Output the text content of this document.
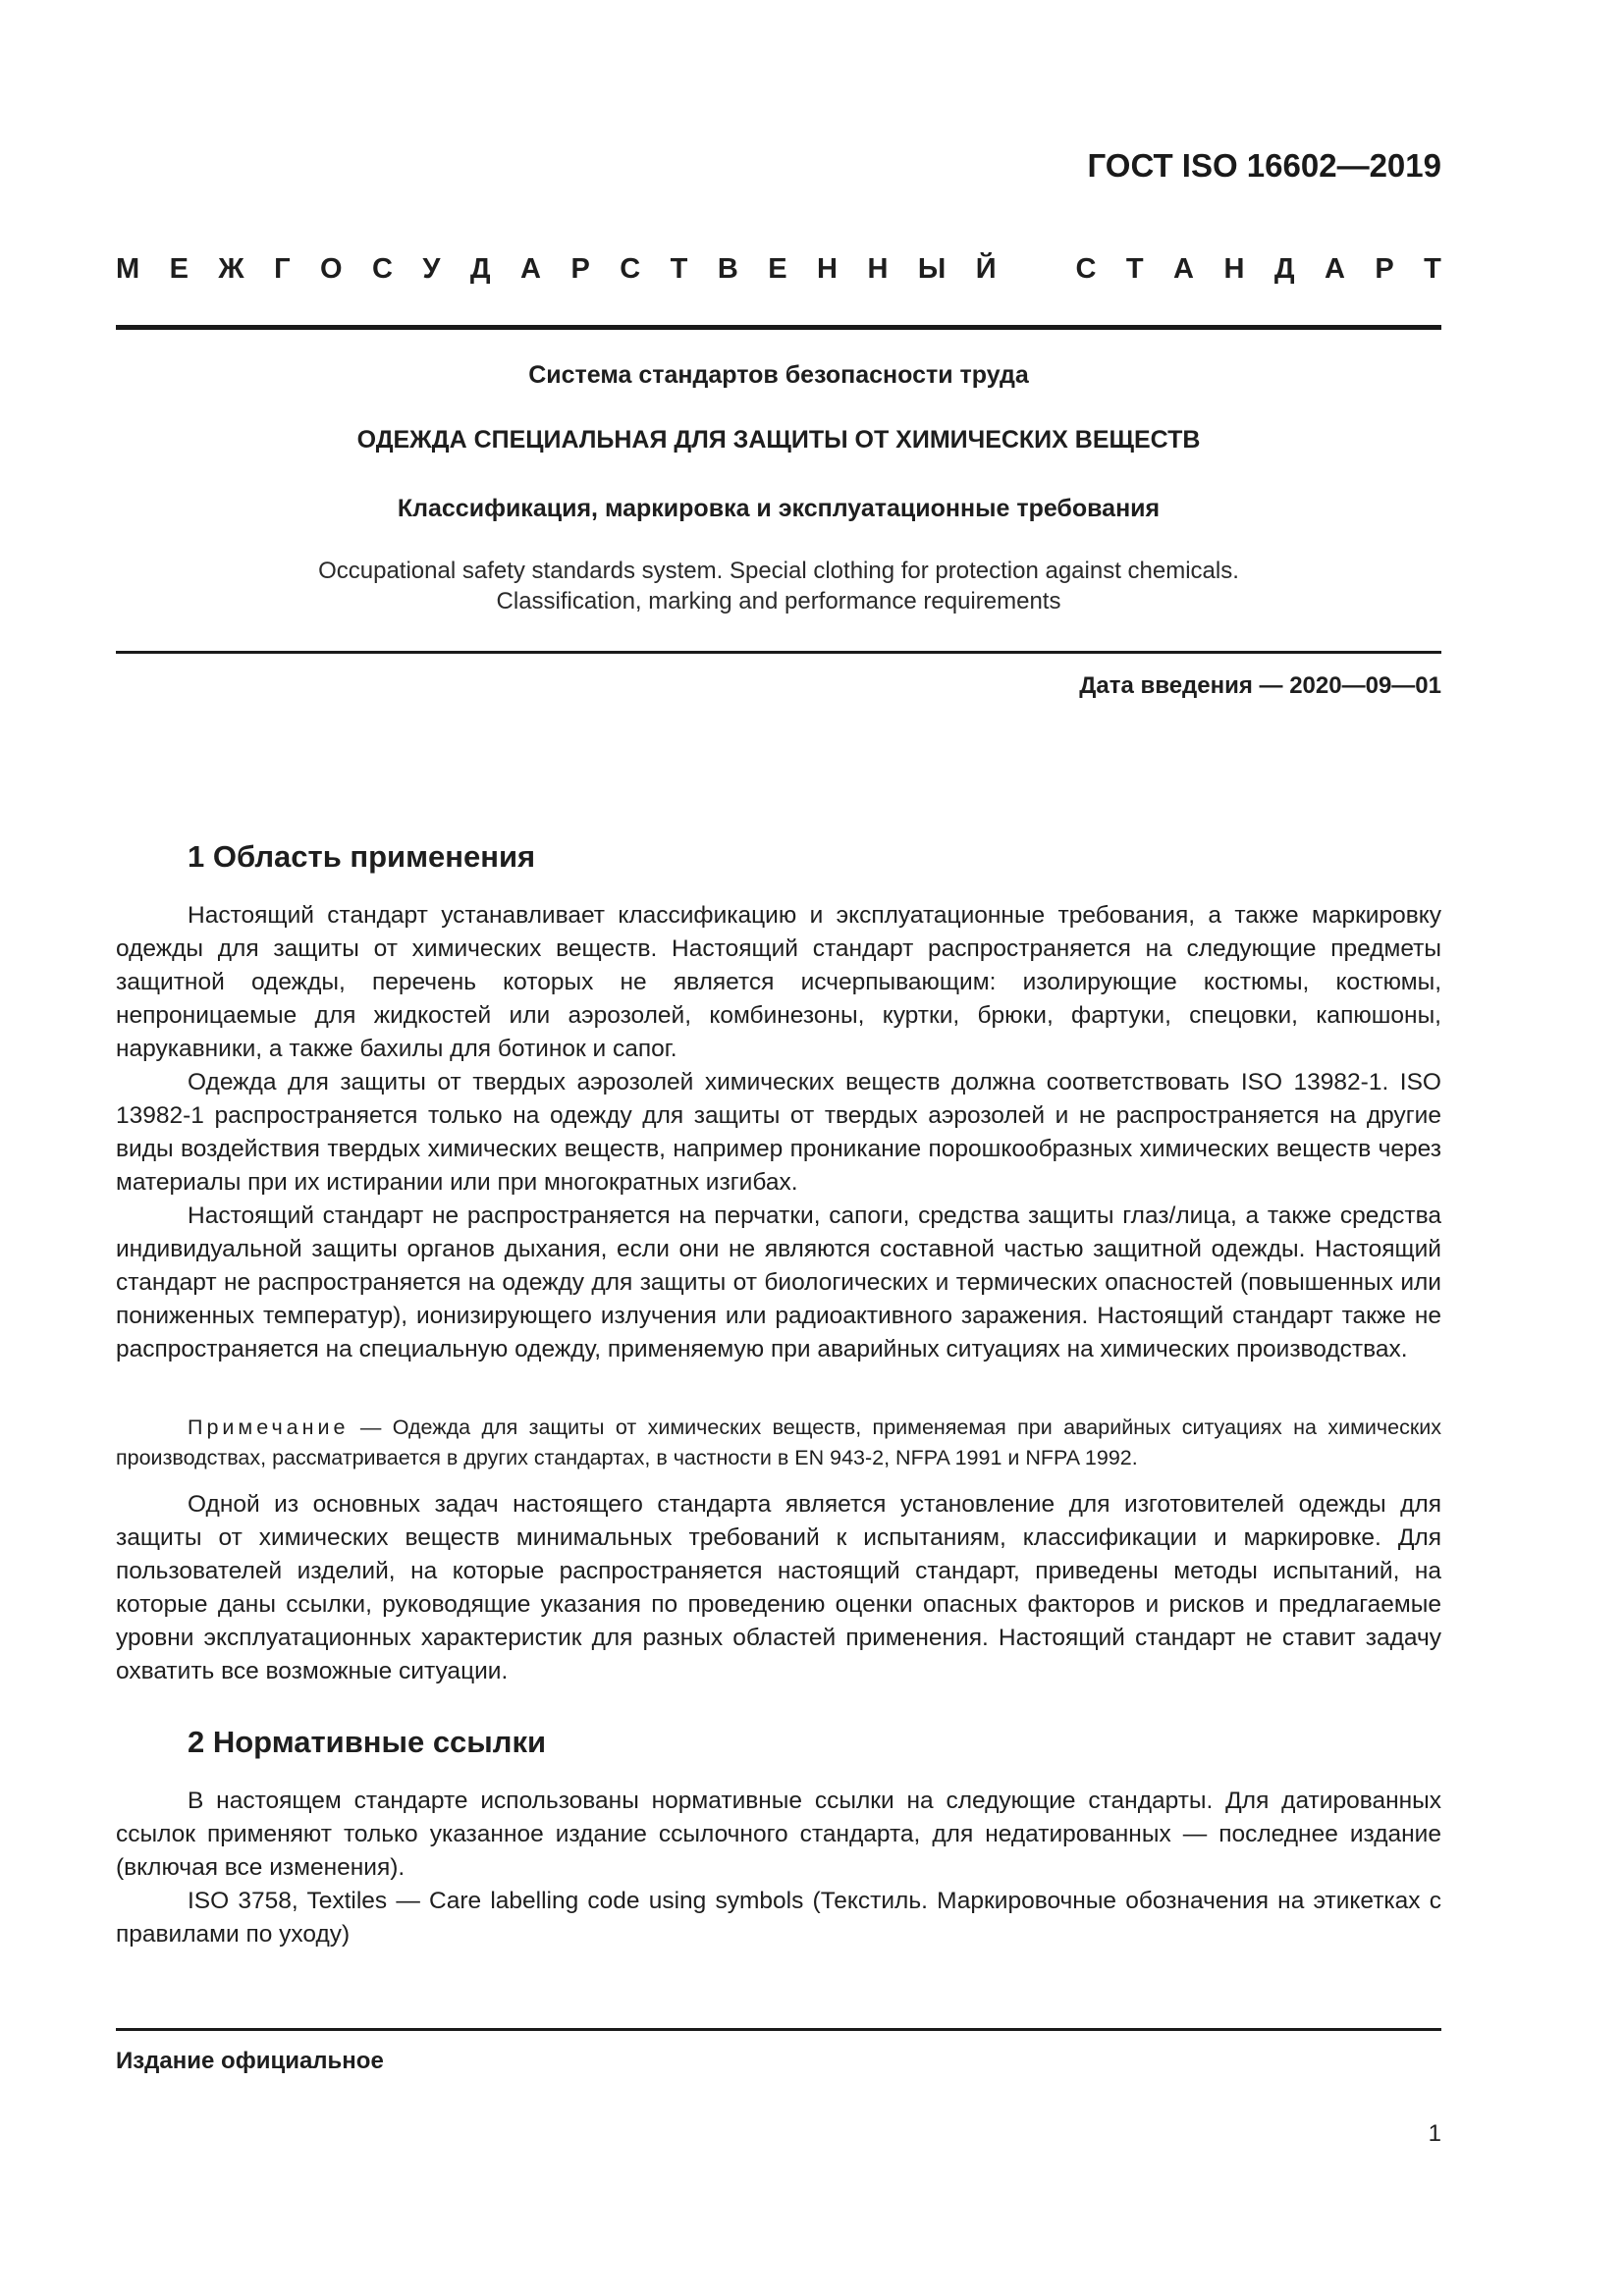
ГОСТ ISO 16602—2019
М Е Ж Г О С У Д А Р С Т В Е Н Н Ы Й	С Т А Н Д А Р Т
Система стандартов безопасности труда
ОДЕЖДА СПЕЦИАЛЬНАЯ ДЛЯ ЗАЩИТЫ ОТ ХИМИЧЕСКИХ ВЕЩЕСТВ
Классификация, маркировка и эксплуатационные требования
Occupational safety standards system. Special clothing for protection against chemicals.
Classification, marking and performance requirements
Дата введения — 2020—09—01
1 Область применения
Настоящий стандарт устанавливает классификацию и эксплуатационные требования, а также маркировку одежды для защиты от химических веществ. Настоящий стандарт распространяется на следующие предметы защитной одежды, перечень которых не является исчерпывающим: изолирующие костюмы, костюмы, непроницаемые для жидкостей или аэрозолей, комбинезоны, куртки, брюки, фартуки, спецовки, капюшоны, нарукавники, а также бахилы для ботинок и сапог.
Одежда для защиты от твердых аэрозолей химических веществ должна соответствовать ISO 13982-1. ISO 13982-1 распространяется только на одежду для защиты от твердых аэрозолей и не распространяется на другие виды воздействия твердых химических веществ, например проникание порошкообразных химических веществ через материалы при их истирании или при многократных изгибах.
Настоящий стандарт не распространяется на перчатки, сапоги, средства защиты глаз/лица, а также средства индивидуальной защиты органов дыхания, если они не являются составной частью защитной одежды. Настоящий стандарт не распространяется на одежду для защиты от биологических и термических опасностей (повышенных или пониженных температур), ионизирующего излучения или радиоактивного заражения. Настоящий стандарт также не распространяется на специальную одежду, применяемую при аварийных ситуациях на химических производствах.
Примечание — Одежда для защиты от химических веществ, применяемая при аварийных ситуациях на химических производствах, рассматривается в других стандартах, в частности в EN 943-2, NFPA 1991 и NFPA 1992.
Одной из основных задач настоящего стандарта является установление для изготовителей одежды для защиты от химических веществ минимальных требований к испытаниям, классификации и маркировке. Для пользователей изделий, на которые распространяется настоящий стандарт, приведены методы испытаний, на которые даны ссылки, руководящие указания по проведению оценки опасных факторов и рисков и предлагаемые уровни эксплуатационных характеристик для разных областей применения. Настоящий стандарт не ставит задачу охватить все возможные ситуации.
2 Нормативные ссылки
В настоящем стандарте использованы нормативные ссылки на следующие стандарты. Для датированных ссылок применяют только указанное издание ссылочного стандарта, для недатированных — последнее издание (включая все изменения).
ISO 3758, Textiles — Care labelling code using symbols (Текстиль. Маркировочные обозначения на этикетках с правилами по уходу)
Издание официальное
1
